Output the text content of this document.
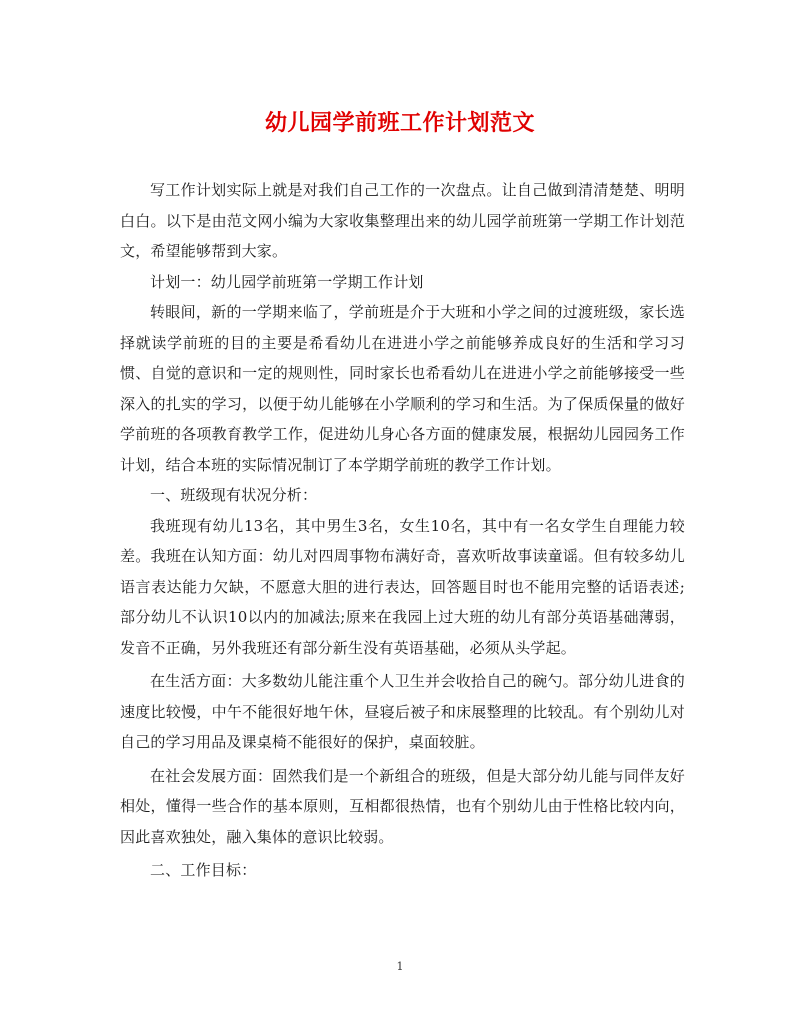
幼儿园学前班工作计划范文

写工作计划实际上就是对我们自己工作的一次盘点。让自己做到清清楚楚、明明白白。以下是由范文网小编为大家收集整理出来的幼儿园学前班第一学期工作计划范文，希望能够帮到大家。

计划一：幼儿园学前班第一学期工作计划

转眼间，新的一学期来临了，学前班是介于大班和小学之间的过渡班级，家长选择就读学前班的目的主要是希看幼儿在进进小学之前能够养成良好的生活和学习习惯、自觉的意识和一定的规则性，同时家长也希看幼儿在进进小学之前能够接受一些深入的扎实的学习，以便于幼儿能够在小学顺利的学习和生活。为了保质保量的做好学前班的各项教育教学工作，促进幼儿身心各方面的健康发展，根据幼儿园园务工作计划，结合本班的实际情况制订了本学期学前班的教学工作计划。

一、班级现有状况分析：

我班现有幼儿13名，其中男生3名，女生10名，其中有一名女学生自理能力较差。我班在认知方面：幼儿对四周事物布满好奇，喜欢听故事读童谣。但有较多幼儿语言表达能力欠缺，不愿意大胆的进行表达，回答题目时也不能用完整的话语表述;部分幼儿不认识10以内的加减法;原来在我园上过大班的幼儿有部分英语基础薄弱，发音不正确，另外我班还有部分新生没有英语基础，必须从头学起。

在生活方面：大多数幼儿能注重个人卫生并会收拾自己的碗勺。部分幼儿进食的速度比较慢，中午不能很好地午休，昼寝后被子和床展整理的比较乱。有个别幼儿对自己的学习用品及课桌椅不能很好的保护，桌面较脏。

在社会发展方面：固然我们是一个新组合的班级，但是大部分幼儿能与同伴友好相处，懂得一些合作的基本原则，互相都很热情，也有个别幼儿由于性格比较内向，因此喜欢独处，融入集体的意识比较弱。

二、工作目标：

1
